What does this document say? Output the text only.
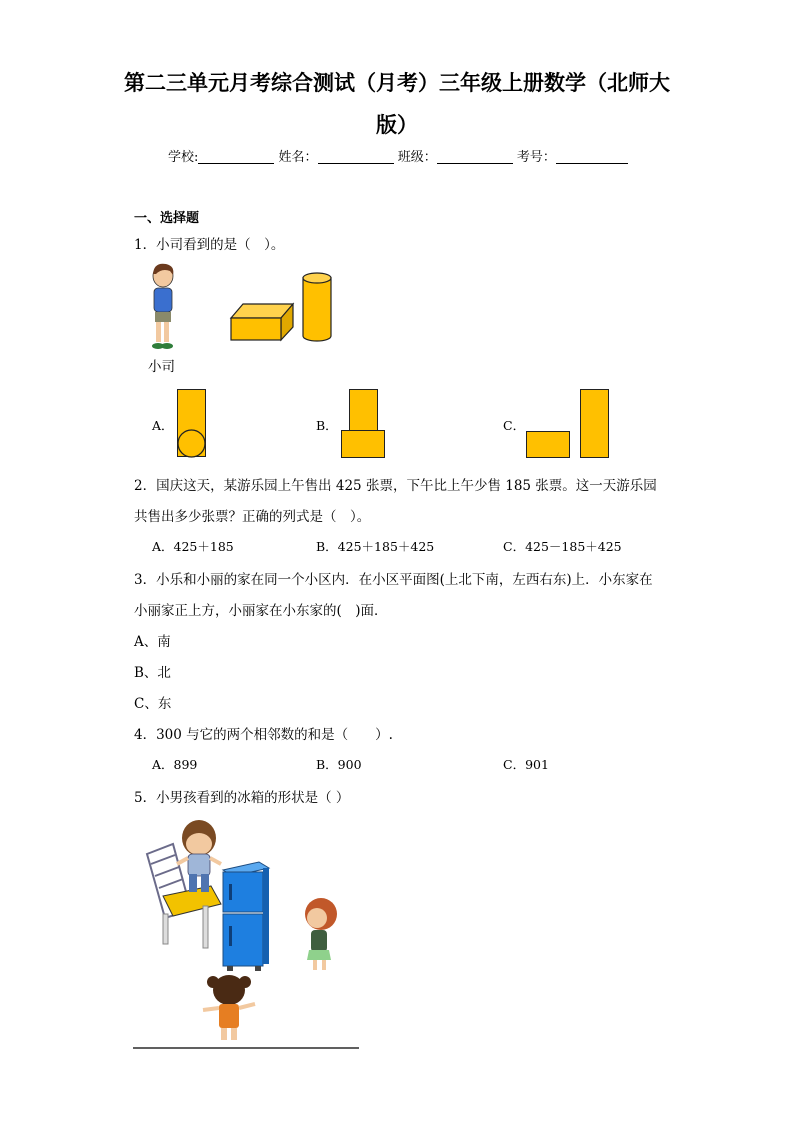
第二三单元月考综合测试（月考）三年级上册数学（北师大
版）
学校:	姓名：	班级：	考号：
一、选择题
1．小司看到的是（　）。
小司
A．	B．	C．
2．国庆这天，某游乐园上午售出 425 张票，下午比上午少售 185 张票。这一天游乐园
共售出多少张票？正确的列式是（　）。
A．425＋185	B．425＋185＋425	C．425－185＋425
3．小乐和小丽的家在同一个小区内．在小区平面图(上北下南，左西右东)上．小东家在
小丽家正上方，小丽家在小东家的(　)面．
A、南
B、北
C、东
4．300 与它的两个相邻数的和是（　　）.
A．899	B．900	C．901
5．小男孩看到的冰箱的形状是（ ）
